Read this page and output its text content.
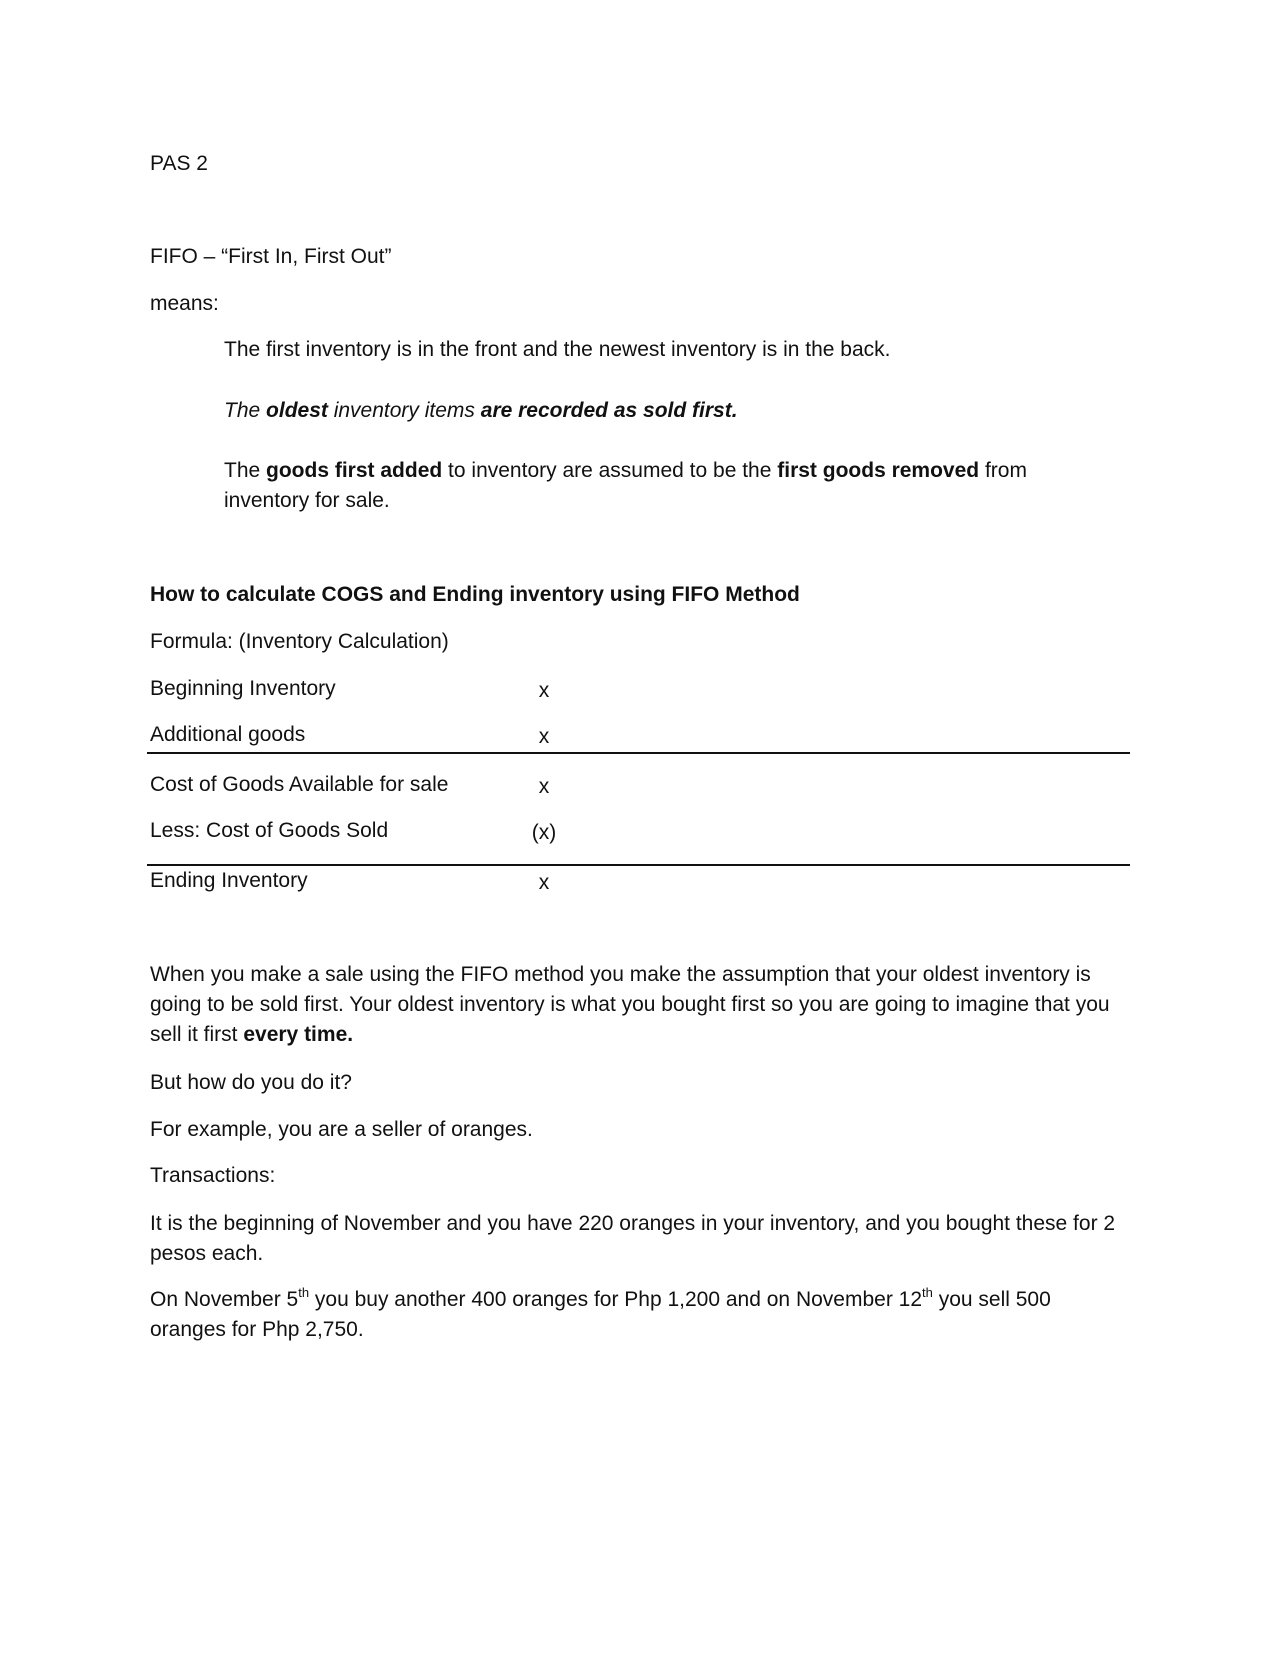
PAS 2
FIFO – “First In, First Out”
means:
The first inventory is in the front and the newest inventory is in the back.
The oldest inventory items are recorded as sold first.
The goods first added to inventory are assumed to be the first goods removed from inventory for sale.
How to calculate COGS and Ending inventory using FIFO Method
Formula: (Inventory Calculation)
Beginning Inventory	x
Additional goods	x
Cost of Goods Available for sale	x
Less: Cost of Goods Sold	(x)
Ending Inventory	x
When you make a sale using the FIFO method you make the assumption that your oldest inventory is going to be sold first. Your oldest inventory is what you bought first so you are going to imagine that you sell it first every time.
But how do you do it?
For example, you are a seller of oranges.
Transactions:
It is the beginning of November and you have 220 oranges in your inventory, and you bought these for 2 pesos each.
On November 5th you buy another 400 oranges for Php 1,200 and on November 12th you sell 500 oranges for Php 2,750.
